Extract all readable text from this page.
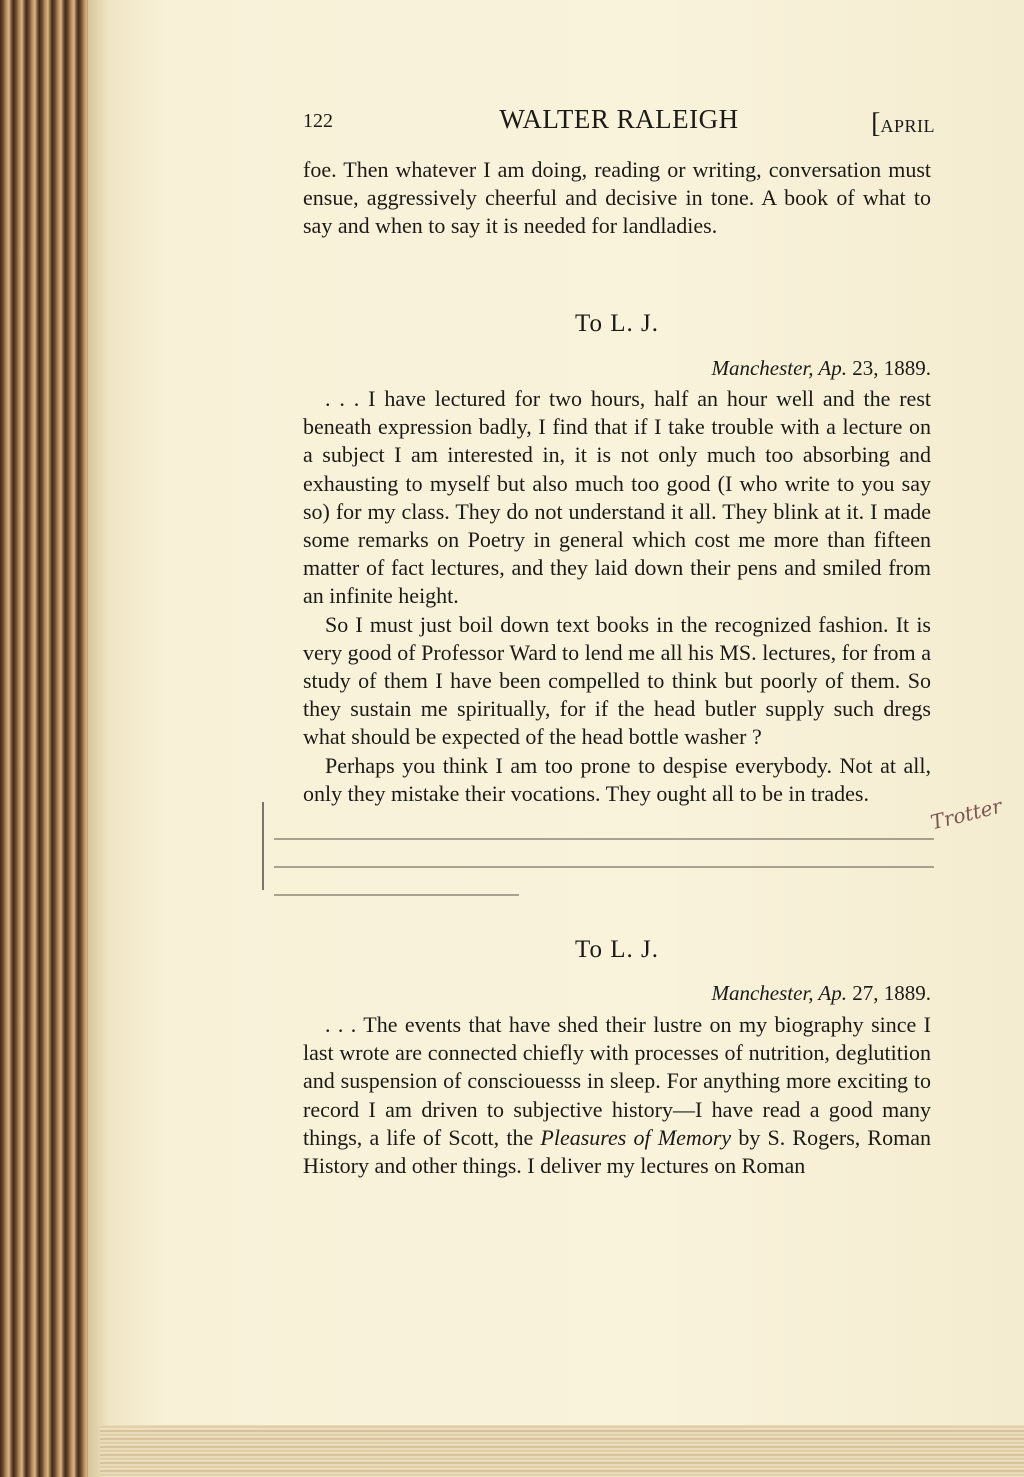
122	WALTER RALEIGH	[APRIL

foe. Then whatever I am doing, reading or writing, conversation must ensue, aggressively cheerful and decisive in tone. A book of what to say and when to say it is needed for landladies.

To L. J.
Manchester, Ap. 23, 1889.

. . . I have lectured for two hours, half an hour well and the rest beneath expression badly, I find that if I take trouble with a lecture on a subject I am interested in, it is not only much too absorbing and exhausting to myself but also much too good (I who write to you say so) for my class. They do not understand it all. They blink at it. I made some remarks on Poetry in general which cost me more than fifteen matter of fact lectures, and they laid down their pens and smiled from an infinite height.

So I must just boil down text books in the recognized fashion. It is very good of Professor Ward to lend me all his MS. lectures, for from a study of them I have been compelled to think but poorly of them. So they sustain me spiritually, for if the head butler supply such dregs what should be expected of the head bottle washer ?

Perhaps you think I am too prone to despise everybody. Not at all, only they mistake their vocations. They ought all to be in trades.

Trotter
To L. J.
Manchester, Ap. 27, 1889.

. . . The events that have shed their lustre on my biography since I last wrote are connected chiefly with processes of nutrition, deglutition and suspension of consciouesss in sleep. For anything more exciting to record I am driven to subjective history—I have read a good many things, a life of Scott, the Pleasures of Memory by S. Rogers, Roman History and other things. I deliver my lectures on Roman
